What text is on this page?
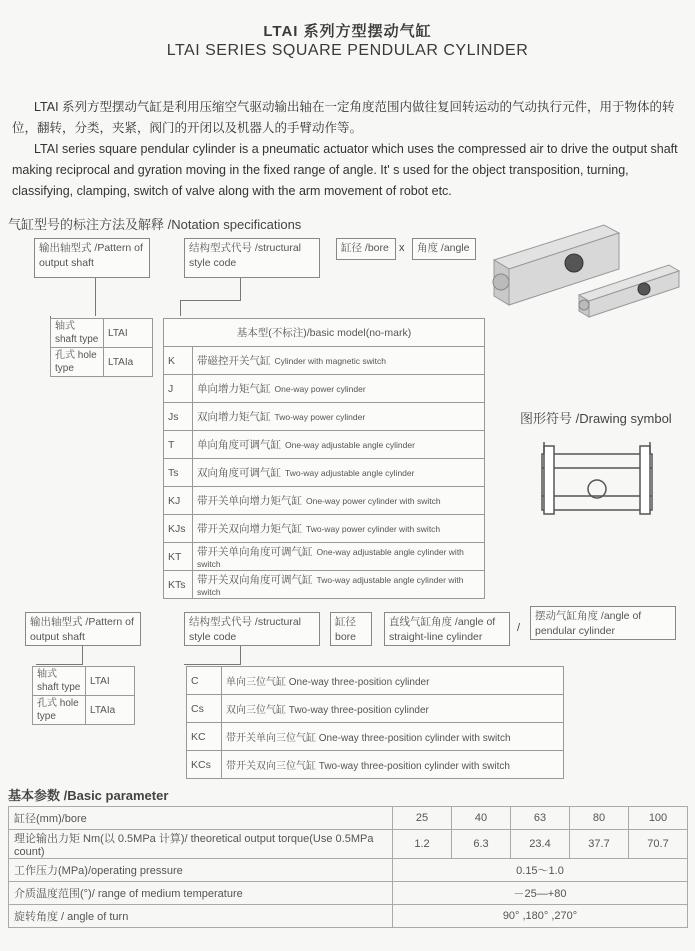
LTAI 系列方型摆动气缸
LTAI SERIES SQUARE PENDULAR CYLINDER

LTAI 系列方型摆动气缸是利用压缩空气驱动输出轴在一定角度范围内做往复回转运动的气动执行元件，用于物体的转位，翻转，分类，夹紧，阀门的开闭以及机器人的手臂动作等。

LTAI series square pendular cylinder is a pneumatic actuator which uses the compressed air to drive the output shaft making reciprocal and gyration moving in the fixed range of angle. It' s used for the object transposition, turning, classifying, clamping, switch of valve along with the arm movement of robot etc.

气缸型号的标注方法及解释 /Notation specifications
输出轴型式 /Pattern of output shaft
结构型式代号 /structural style code
缸径 /bore x	角度 /angle
轴式 shaft type	LTAI
孔式 hole type	LTAIa
基本型(不标注)/basic model(no-mark)	
K	带磁控开关气缸 Cylinder with magnetic switch
J	单向增力矩气缸 One-way power cylinder
Js	双向增力矩气缸 Two-way power cylinder
T	单向角度可调气缸 One-way adjustable angle cylinder
Ts	双向角度可调气缸 Two-way adjustable angle cylinder
KJ	带开关单向增力矩气缸 One-way power cylinder with switch
KJs	带开关双向增力矩气缸 Two-way power cylinder with switch
KT	带开关单向角度可调气缸 One-way adjustable angle cylinder with switch
KTs	带开关双向角度可调气缸 Two-way adjustable angle cylinder with switch
图形符号 /Drawing symbol
输出轴型式 /Pattern of output shaft
结构型式代号 /structural style code
缸径 bore
直线气缸角度 /angle of straight-line cylinder
/
摆动气缸角度 /angle of pendular cylinder
轴式 shaft type	LTAI
孔式 hole type	LTAIa
C	单向三位气缸 One-way three-position cylinder
Cs	双向三位气缸 Two-way three-position cylinder
KC	带开关单向三位气缸 One-way three-position cylinder with switch
KCs	带开关双向三位气缸 Two-way three-position cylinder with switch
基本参数 /Basic parameter
缸径(mm)/bore	25	40	63	80	100
理论输出力矩 Nm(以 0.5MPa 计算)/ theoretical output torque(Use 0.5MPa count)	1.2	6.3	23.4	37.7	70.7
工作压力(MPa)/operating pressure	0.15～1.0				
介质温度范围(°)/ range of medium temperature	－25—+80				
旋转角度 / angle of turn	90° ,180° ,270°				
